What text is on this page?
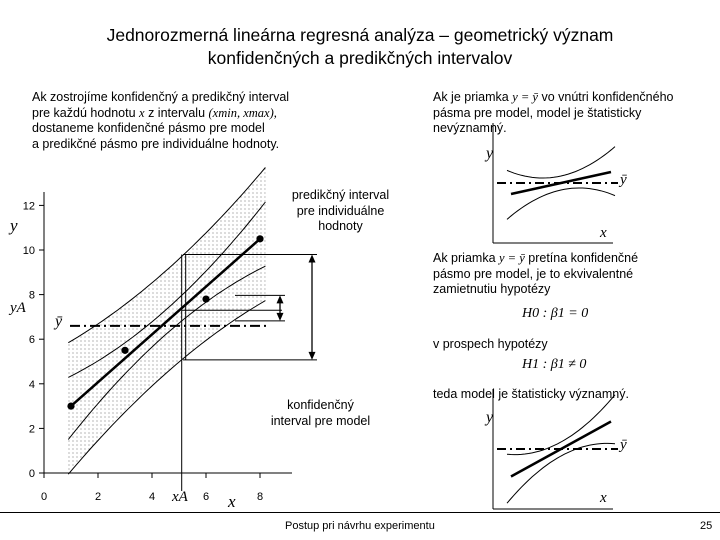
Jednorozmerná lineárna regresná analýza – geometrický význam
konfidenčných a predikčných intervalov
Ak zostrojíme konfidenčný a predikčný interval
pre každú hodnotu x z intervalu (xmin, xmax),
dostaneme konfidenčné pásmo pre model
a predikčné pásmo pre individuálne hodnoty.
Ak je priamka y = ȳ vo vnútri konfidenčného
pásma pre model, model je štatisticky
nevýznamný.
Ak priamka y = ȳ pretína konfidenčné
pásmo pre model, je to ekvivalentné
zamietnutiu hypotézy
H0 : β1 = 0
v prospech hypotézy
H1 : β1 ≠ 0
teda model je štatisticky významný.
0
2
4
6
8
10
12
0	2	4	6	8
y
yA
ȳ
xA x
predikčný interval
pre individuálne
hodnoty
konfidenčný
interval pre model
y
ȳ
x
y
ȳ
x
Postup pri návrhu experimentu	25
